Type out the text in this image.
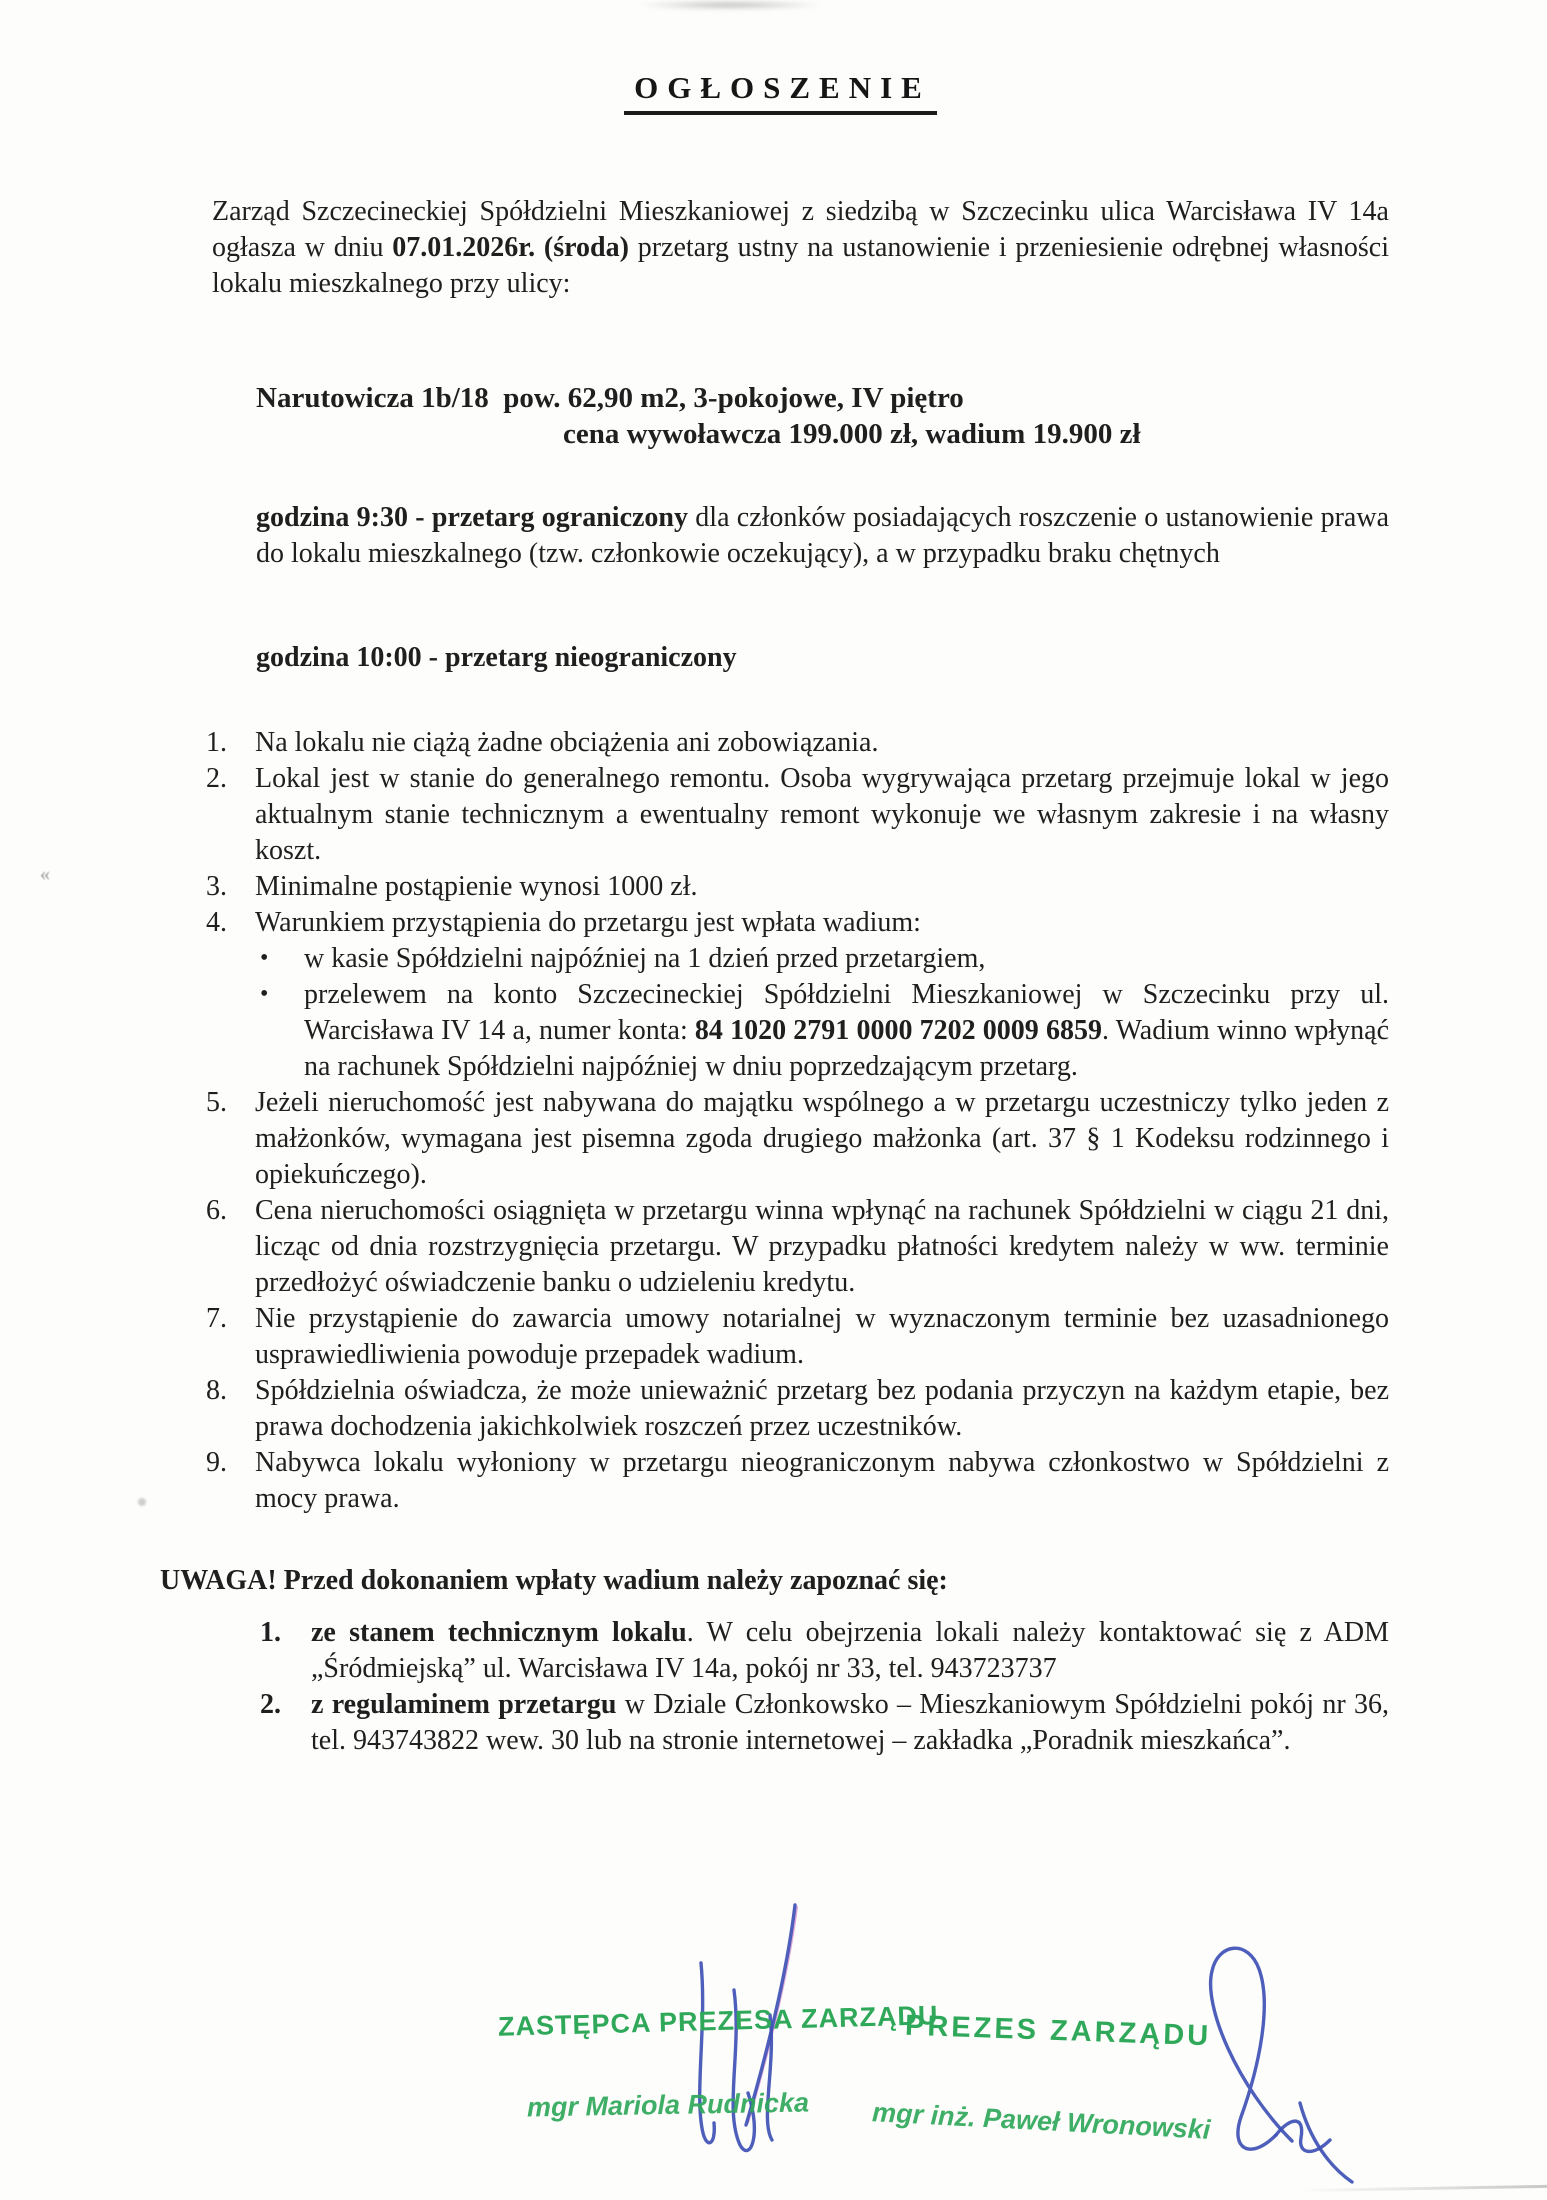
OGŁOSZENIE

Zarząd Szczecineckiej Spółdzielni Mieszkaniowej z siedzibą w Szczecinku ulica Warcisława IV 14a ogłasza w dniu 07.01.2026r. (środa) przetarg ustny na ustanowienie i przeniesienie odrębnej własności lokalu mieszkalnego przy ulicy:

Narutowicza 1b/18  pow. 62,90 m2, 3-pokojowe, IV piętro
cena wywoławcza 199.000 zł, wadium 19.900 zł

godzina 9:30 - przetarg ograniczony dla członków posiadających roszczenie o ustanowienie prawa do lokalu mieszkalnego (tzw. członkowie oczekujący), a w przypadku braku chętnych

godzina 10:00 - przetarg nieograniczony

1. Na lokalu nie ciążą żadne obciążenia ani zobowiązania.
2. Lokal jest w stanie do generalnego remontu. Osoba wygrywająca przetarg przejmuje lokal w jego aktualnym stanie technicznym a ewentualny remont wykonuje we własnym zakresie i na własny koszt.
3. Minimalne postąpienie wynosi 1000 zł.
4. Warunkiem przystąpienia do przetargu jest wpłata wadium:
• w kasie Spółdzielni najpóźniej na 1 dzień przed przetargiem,
• przelewem na konto Szczecineckiej Spółdzielni Mieszkaniowej w Szczecinku przy ul. Warcisława IV 14 a, numer konta: 84 1020 2791 0000 7202 0009 6859. Wadium winno wpłynąć na rachunek Spółdzielni najpóźniej w dniu poprzedzającym przetarg.
5. Jeżeli nieruchomość jest nabywana do majątku wspólnego a w przetargu uczestniczy tylko jeden z małżonków, wymagana jest pisemna zgoda drugiego małżonka (art. 37 § 1 Kodeksu rodzinnego i opiekuńczego).
6. Cena nieruchomości osiągnięta w przetargu winna wpłynąć na rachunek Spółdzielni w ciągu 21 dni, licząc od dnia rozstrzygnięcia przetargu. W przypadku płatności kredytem należy w ww. terminie przedłożyć oświadczenie banku o udzieleniu kredytu.
7. Nie przystąpienie do zawarcia umowy notarialnej w wyznaczonym terminie bez uzasadnionego usprawiedliwienia powoduje przepadek wadium.
8. Spółdzielnia oświadcza, że może unieważnić przetarg bez podania przyczyn na każdym etapie, bez prawa dochodzenia jakichkolwiek roszczeń przez uczestników.
9. Nabywca lokalu wyłoniony w przetargu nieograniczonym nabywa członkostwo w Spółdzielni z mocy prawa.
UWAGA! Przed dokonaniem wpłaty wadium należy zapoznać się:
1. ze stanem technicznym lokalu. W celu obejrzenia lokali należy kontaktować się z ADM „Śródmiejską” ul. Warcisława IV 14a, pokój nr 33, tel. 943723737
2. z regulaminem przetargu w Dziale Członkowsko – Mieszkaniowym Spółdzielni pokój nr 36, tel. 943743822 wew. 30 lub na stronie internetowej – zakładka „Poradnik mieszkańca”.
ZASTĘPCA PREZESA ZARZĄDU
PREZES ZARZĄDU
mgr Mariola Rudnicka mgr inż. Paweł Wronowski
«
